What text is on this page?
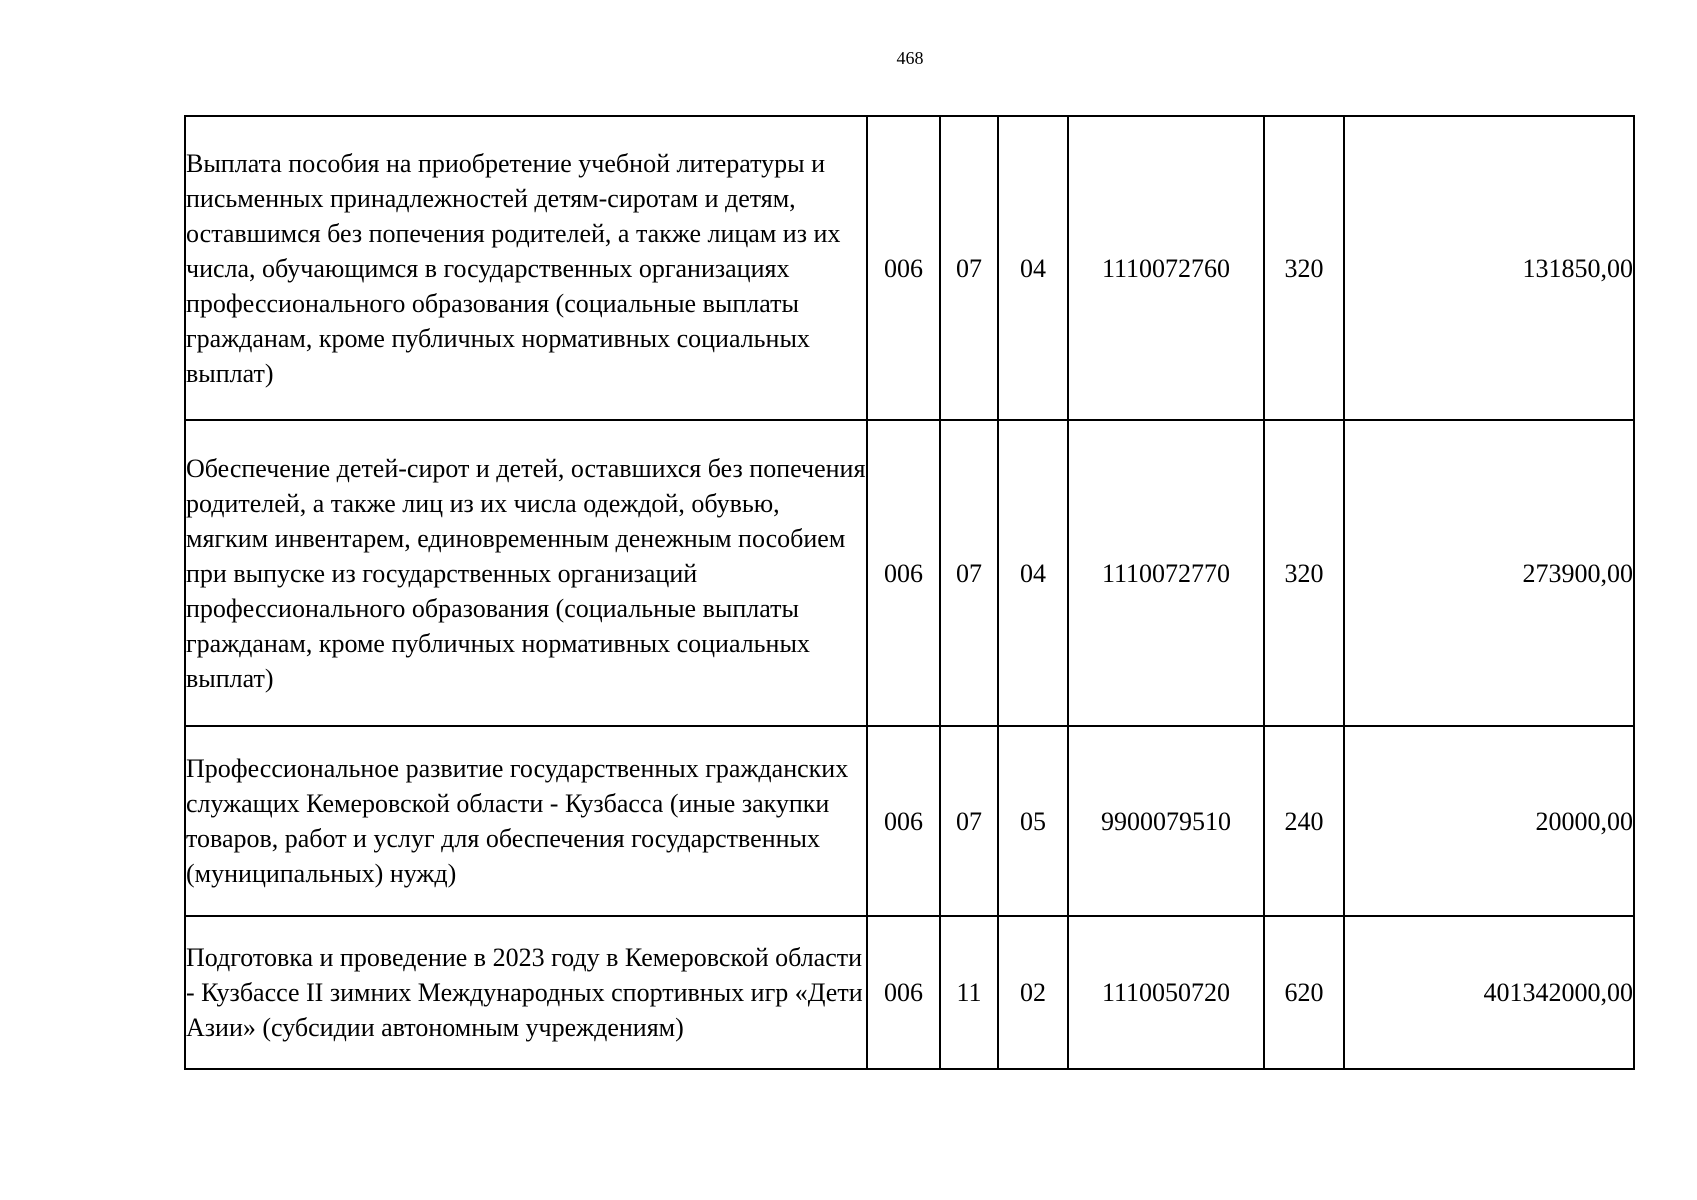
468
Выплата пособия на приобретение учебной литературы и письменных принадлежностей детям-сиротам и детям, оставшимся без попечения родителей, а также лицам из их числа, обучающимся в государственных организациях профессионального образования (социальные выплаты гражданам, кроме публичных нормативных социальных выплат)	006	07	04	1110072760	320	131850,00
Обеспечение детей-сирот и детей, оставшихся без попечения родителей, а также лиц из их числа одеждой, обувью, мягким инвентарем, единовременным денежным пособием при выпуске из государственных организаций профессионального образования (социальные выплаты гражданам, кроме публичных нормативных социальных выплат)	006	07	04	1110072770	320	273900,00
Профессиональное развитие государственных гражданских служащих Кемеровской области - Кузбасса (иные закупки товаров, работ и услуг для обеспечения государственных (муниципальных) нужд)	006	07	05	9900079510	240	20000,00
Подготовка и проведение в 2023 году в Кемеровской области - Кузбассе II зимних Международных спортивных игр «Дети Азии» (субсидии автономным учреждениям)	006	11	02	1110050720	620	401342000,00
